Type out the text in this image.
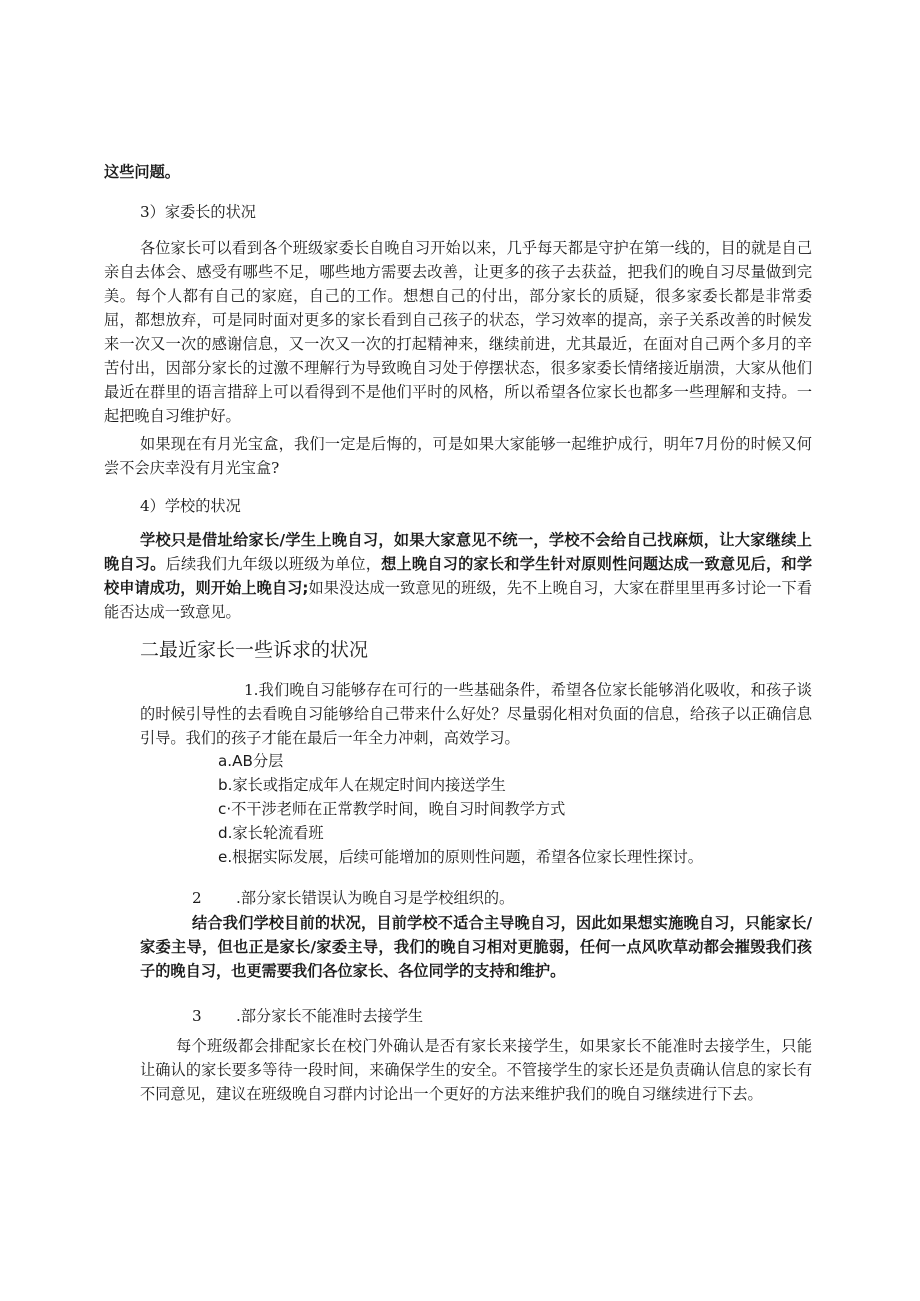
这些问题。

3）家委长的状况

各位家长可以看到各个班级家委长自晚自习开始以来，几乎每天都是守护在第一线的，目的就是自己亲自去体会、感受有哪些不足，哪些地方需要去改善，让更多的孩子去获益，把我们的晚自习尽量做到完美。每个人都有自己的家庭，自己的工作。想想自己的付出，部分家长的质疑，很多家委长都是非常委屈，都想放弃，可是同时面对更多的家长看到自己孩子的状态，学习效率的提高，亲子关系改善的时候发来一次又一次的感谢信息，又一次又一次的打起精神来，继续前进，尤其最近，在面对自己两个多月的辛苦付出，因部分家长的过激不理解行为导致晚自习处于停摆状态，很多家委长情绪接近崩溃，大家从他们最近在群里的语言措辞上可以看得到不是他们平时的风格，所以希望各位家长也都多一些理解和支持。一起把晚自习维护好。

如果现在有月光宝盒，我们一定是后悔的，可是如果大家能够一起维护成行，明年7月份的时候又何尝不会庆幸没有月光宝盒?

4）学校的状况

学校只是借址给家长/学生上晚自习，如果大家意见不统一，学校不会给自己找麻烦，让大家继续上晚自习。后续我们九年级以班级为单位，想上晚自习的家长和学生针对原则性问题达成一致意见后，和学校申请成功，则开始上晚自习;如果没达成一致意见的班级，先不上晚自习，大家在群里里再多讨论一下看能否达成一致意见。

二最近家长一些诉求的状况

1.我们晚自习能够存在可行的一些基础条件，希望各位家长能够消化吸收，和孩子谈的时候引导性的去看晚自习能够给自己带来什么好处？尽量弱化相对负面的信息，给孩子以正确信息引导。我们的孩子才能在最后一年全力冲刺，高效学习。

a.AB分层

b.家长或指定成年人在规定时间内接送学生

c·不干涉老师在正常教学时间，晚自习时间教学方式

d.家长轮流看班

e.根据实际发展，后续可能增加的原则性问题，希望各位家长理性探讨。

2 .部分家长错误认为晚自习是学校组织的。

结合我们学校目前的状况，目前学校不适合主导晚自习，因此如果想实施晚自习，只能家长/家委主导，但也正是家长/家委主导，我们的晚自习相对更脆弱，任何一点风吹草动都会摧毁我们孩子的晚自习，也更需要我们各位家长、各位同学的支持和维护。

3 .部分家长不能准时去接学生

每个班级都会排配家长在校门外确认是否有家长来接学生，如果家长不能准时去接学生，只能让确认的家长要多等待一段时间，来确保学生的安全。不管接学生的家长还是负责确认信息的家长有不同意见，建议在班级晚自习群内讨论出一个更好的方法来维护我们的晚自习继续进行下去。
